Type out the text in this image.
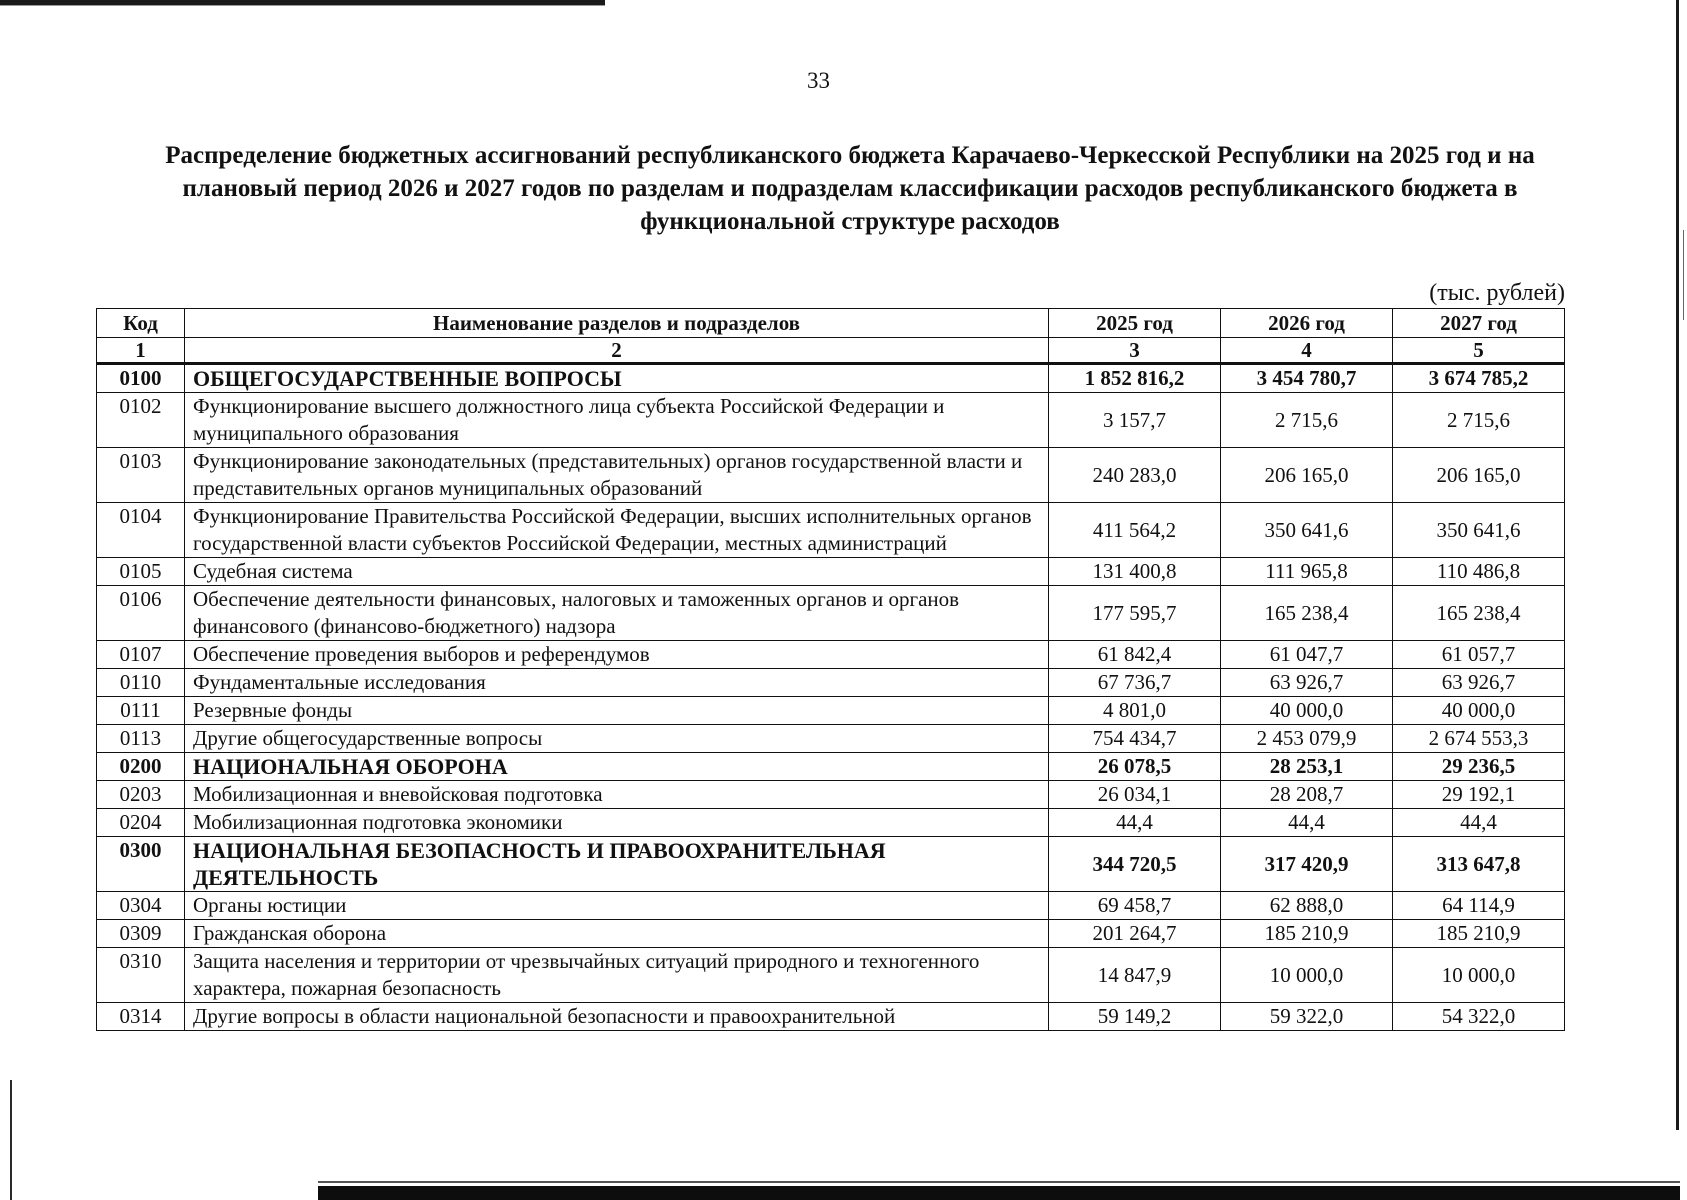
33
Распределение бюджетных ассигнований республиканского бюджета Карачаево-Черкесской Республики на 2025 год и на плановый период 2026 и 2027 годов по разделам и подразделам классификации расходов республиканского бюджета в функциональной структуре расходов
(тыс. рублей)
Код	Наименование разделов и подразделов	2025 год	2026 год	2027 год
1	2	3	4	5
0100	ОБЩЕГОСУДАРСТВЕННЫЕ ВОПРОСЫ	1 852 816,2	3 454 780,7	3 674 785,2
0102	Функционирование высшего должностного лица субъекта Российской Федерации и муниципального образования	3 157,7	2 715,6	2 715,6
0103	Функционирование законодательных (представительных) органов государственной власти и представительных органов муниципальных образований	240 283,0	206 165,0	206 165,0
0104	Функционирование Правительства Российской Федерации, высших исполнительных органов государственной власти субъектов Российской Федерации, местных администраций	411 564,2	350 641,6	350 641,6
0105	Судебная система	131 400,8	111 965,8	110 486,8
0106	Обеспечение деятельности финансовых, налоговых и таможенных органов и органов финансового (финансово-бюджетного) надзора	177 595,7	165 238,4	165 238,4
0107	Обеспечение проведения выборов и референдумов	61 842,4	61 047,7	61 057,7
0110	Фундаментальные исследования	67 736,7	63 926,7	63 926,7
0111	Резервные фонды	4 801,0	40 000,0	40 000,0
0113	Другие общегосударственные вопросы	754 434,7	2 453 079,9	2 674 553,3
0200	НАЦИОНАЛЬНАЯ ОБОРОНА	26 078,5	28 253,1	29 236,5
0203	Мобилизационная и вневойсковая подготовка	26 034,1	28 208,7	29 192,1
0204	Мобилизационная подготовка экономики	44,4	44,4	44,4
0300	НАЦИОНАЛЬНАЯ БЕЗОПАСНОСТЬ И ПРАВООХРАНИТЕЛЬНАЯ ДЕЯТЕЛЬНОСТЬ	344 720,5	317 420,9	313 647,8
0304	Органы юстиции	69 458,7	62 888,0	64 114,9
0309	Гражданская оборона	201 264,7	185 210,9	185 210,9
0310	Защита населения и территории от чрезвычайных ситуаций природного и техногенного характера, пожарная безопасность	14 847,9	10 000,0	10 000,0
0314	Другие вопросы в области национальной безопасности и правоохранительной	59 149,2	59 322,0	54 322,0
